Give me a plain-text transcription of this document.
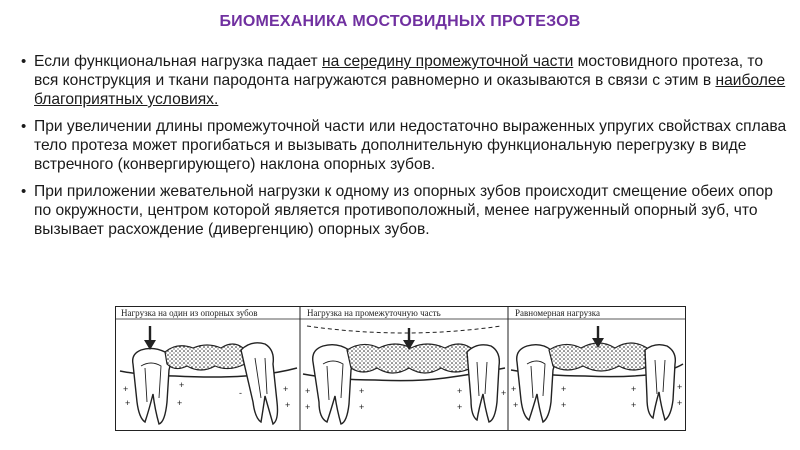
БИОМЕХАНИКА МОСТОВИДНЫХ ПРОТЕЗОВ
• Если функциональная нагрузка падает на середину промежуточной части мостовидного протеза, то вся конструкция и ткани пародонта нагружаются равномерно и оказываются в связи с этим в наиболее благоприятных условиях.
• При увеличении длины промежуточной части или недостаточно выраженных упругих свойствах сплава тело протеза может прогибаться и вызывать дополнительную функциональную перегрузку в виде встречного (конвергирующего) наклона опорных зубов.
• При приложении жевательной нагрузки к одному из опорных зубов происходит смещение обеих опор по окружности, центром которой является противоположный, менее нагруженный опорный зуб, что вызывает расхождение (дивергенцию) опорных зубов.
Нагрузка на один из опорных зубов	Нагрузка на промежуточную часть	Равномерная нагрузка
+
+
+
+
+
+
-	+
+
+
+
+
+
+ +
+
+
+
+
+
+
+
